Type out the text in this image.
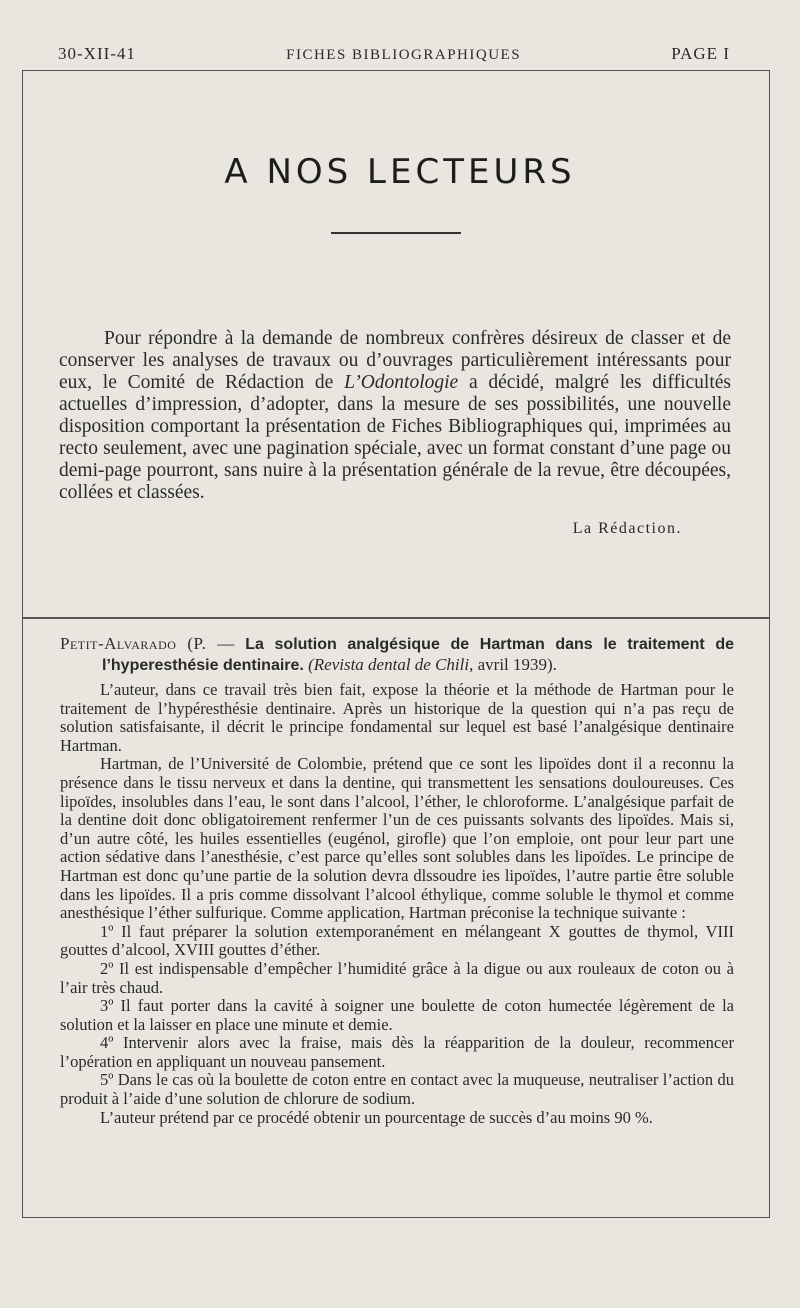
30-XII-41	FICHES BIBLIOGRAPHIQUES	PAGE I
A NOS LECTEURS

Pour répondre à la demande de nombreux confrères désireux de classer et de conserver les analyses de travaux ou d’ouvrages particulièrement intéressants pour eux, le Comité de Rédaction de L’Odontologie a décidé, malgré les difficultés actuelles d’impression, d’adopter, dans la mesure de ses possibilités, une nouvelle disposition comportant la présentation de Fiches Bibliographiques qui, imprimées au recto seulement, avec une pagination spéciale, avec un format constant d’une page ou demi-page pourront, sans nuire à la présentation générale de la revue, être découpées, collées et classées.

La Rédaction.

Petit-Alvarado (P. — La solution analgésique de Hartman dans le traitement de l’hyperesthésie dentinaire. (Revista dental de Chili, avril 1939).

L’auteur, dans ce travail très bien fait, expose la théorie et la méthode de Hartman pour le traitement de l’hypéresthésie dentinaire. Après un historique de la question qui n’a pas reçu de solution satisfaisante, il décrit le principe fondamental sur lequel est basé l’analgésique dentinaire Hartman.

Hartman, de l’Université de Colombie, prétend que ce sont les lipoïdes dont il a reconnu la présence dans le tissu nerveux et dans la dentine, qui transmettent les sensations douloureuses. Ces lipoïdes, insolubles dans l’eau, le sont dans l’alcool, l’éther, le chloroforme. L’analgésique parfait de la dentine doit donc obligatoirement renfermer l’un de ces puissants solvants des lipoïdes. Mais si, d’un autre côté, les huiles essentielles (eugénol, girofle) que l’on emploie, ont pour leur part une action sédative dans l’anesthésie, c’est parce qu’elles sont solubles dans les lipoïdes. Le principe de Hartman est donc qu’une partie de la solution devra dlssoudre ies lipoïdes, l’autre partie être soluble dans les lipoïdes. Il a pris comme dissolvant l’alcool éthylique, comme soluble le thymol et comme anesthésique l’éther sulfurique. Comme application, Hartman préconise la technique suivante :

1º Il faut préparer la solution extemporanément en mélangeant X gouttes de thymol, VIII gouttes d’alcool, XVIII gouttes d’éther.

2º Il est indispensable d’empêcher l’humidité grâce à la digue ou aux rouleaux de coton ou à l’air très chaud.

3º Il faut porter dans la cavité à soigner une boulette de coton humectée légèrement de la solution et la laisser en place une minute et demie.

4º Intervenir alors avec la fraise, mais dès la réapparition de la douleur, recommencer l’opération en appliquant un nouveau pansement.

5º Dans le cas où la boulette de coton entre en contact avec la muqueuse, neutraliser l’action du produit à l’aide d’une solution de chlorure de sodium.

L’auteur prétend par ce procédé obtenir un pourcentage de succès d’au moins 90 %.
